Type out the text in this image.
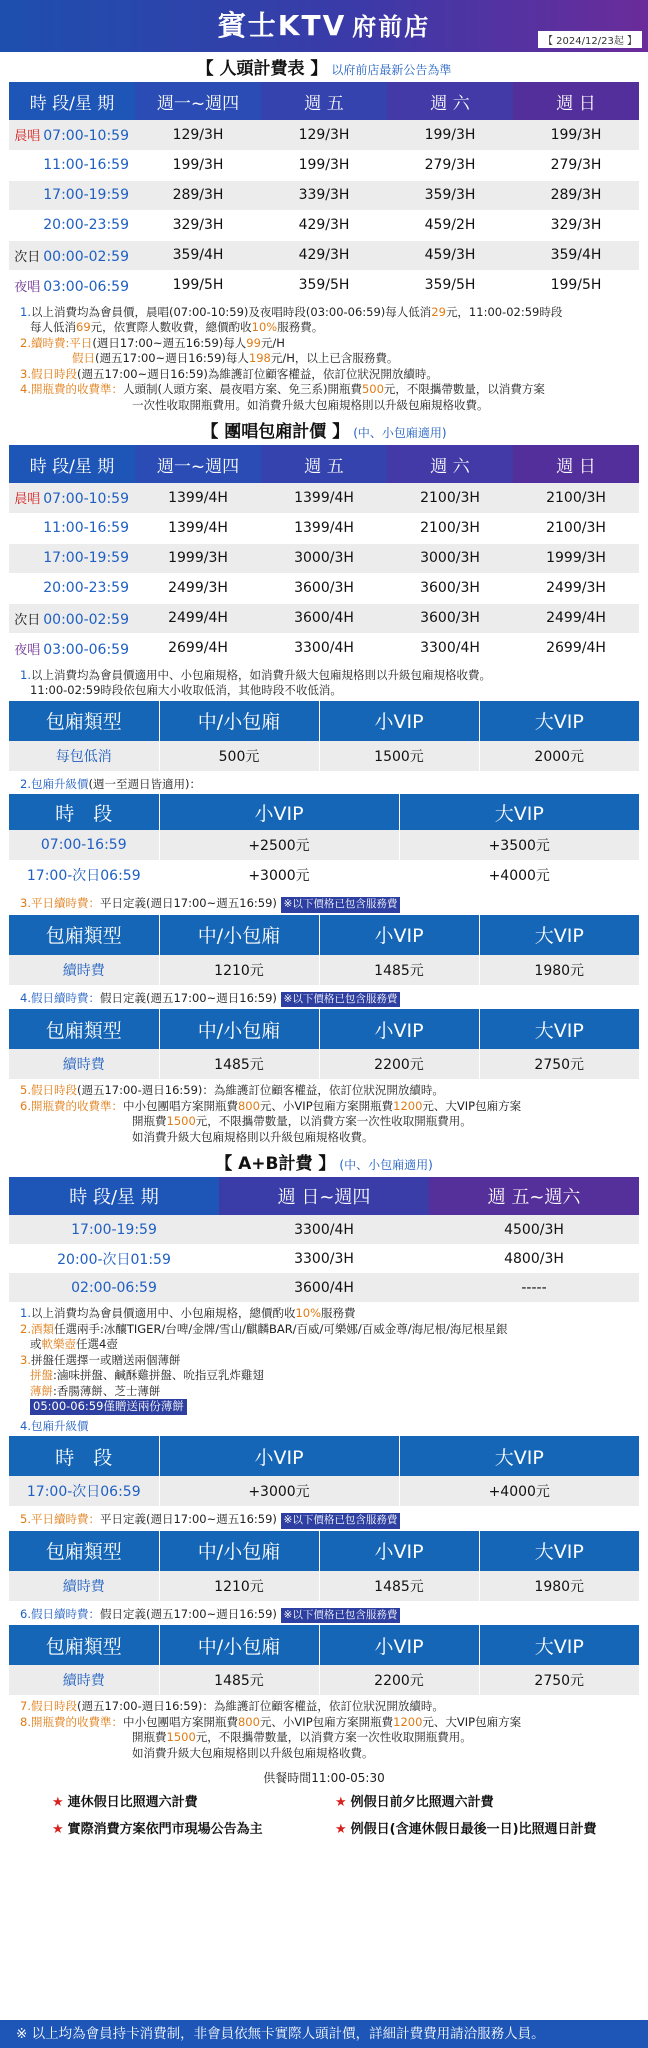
賓士KTV 府前店
【 2024/12/23起 】
【 人頭計費表 】 以府前店最新公告為準
時 段/星 期	週一~週四	週 五	週 六	週 日
晨唱 07:00-10:59	129/3H	129/3H	199/3H	199/3H
11:00-16:59	199/3H	199/3H	279/3H	279/3H
17:00-19:59	289/3H	339/3H	359/3H	289/3H
20:00-23:59	329/3H	429/3H	459/2H	329/3H
次日 00:00-02:59	359/4H	429/3H	459/3H	359/4H
夜唱 03:00-06:59	199/5H	359/5H	359/5H	199/5H

1.以上消費均為會員價，晨唱(07:00-10:59)及夜唱時段(03:00-06:59)每人低消29元，11:00-02:59時段

每人低消69元，依實際人數收費，總價酌收10%服務費。

2.續時費:平日(週日17:00~週五16:59)每人99元/H

假日(週五17:00~週日16:59)每人198元/H，以上已含服務費。

3.假日時段(週五17:00~週日16:59)為維護訂位顧客權益，依訂位狀況開放續時。

4.開瓶費的收費準：人頭制(人頭方案、晨夜唱方案、免三系)開瓶費500元，不限攜帶數量，以消費方案

一次性收取開瓶費用。如消費升級大包廂規格則以升級包廂規格收費。

【 團唱包廂計價 】 (中、小包廂適用)
時 段/星 期	週一~週四	週 五	週 六	週 日
晨唱 07:00-10:59	1399/4H	1399/4H	2100/3H	2100/3H
11:00-16:59	1399/4H	1399/4H	2100/3H	2100/3H
17:00-19:59	1999/3H	3000/3H	3000/3H	1999/3H
20:00-23:59	2499/3H	3600/3H	3600/3H	2499/3H
次日 00:00-02:59	2499/4H	3600/4H	3600/3H	2499/4H
夜唱 03:00-06:59	2699/4H	3300/4H	3300/4H	2699/4H

1.以上消費均為會員價適用中、小包廂規格，如消費升級大包廂規格則以升級包廂規格收費。

11:00-02:59時段依包廂大小收取低消，其他時段不收低消。

包廂類型	中/小包廂	小VIP	大VIP
每包低消	500元	1500元	2000元

2.包廂升級價(週一至週日皆適用)：

時　段	小VIP	大VIP
07:00-16:59	+2500元	+3500元
17:00-次日06:59	+3000元	+4000元

3.平日續時費：平日定義(週日17:00~週五16:59) ※以下價格已包含服務費

包廂類型	中/小包廂	小VIP	大VIP
續時費	1210元	1485元	1980元

4.假日續時費：假日定義(週五17:00~週日16:59) ※以下價格已包含服務費

包廂類型	中/小包廂	小VIP	大VIP
續時費	1485元	2200元	2750元

5.假日時段(週五17:00-週日16:59)：為維護訂位顧客權益，依訂位狀況開放續時。

6.開瓶費的收費準：中小包團唱方案開瓶費800元、小VIP包廂方案開瓶費1200元、大VIP包廂方案

開瓶費1500元，不限攜帶數量，以消費方案一次性收取開瓶費用。

如消費升級大包廂規格則以升級包廂規格收費。

【 A+B計費 】 (中、小包廂適用)
時 段/星 期	週 日~週四	週 五~週六
17:00-19:59	3300/4H	4500/3H
20:00-次日01:59	3300/3H	4800/3H
02:00-06:59	3600/4H	-----

1.以上消費均為會員價適用中、小包廂規格，總價酌收10%服務費

2.酒類任選兩手:冰釀TIGER/台啤/金牌/雪山/麒麟BAR/百威/可樂娜/百威金尊/海尼根/海尼根星銀

或軟樂壺任選4壺

3.拼盤任選擇一或贈送兩個薄餅

拼盤:滷味拼盤、鹹酥雞拼盤、吮指豆乳炸雞翅

薄餅:香腸薄餅、芝士薄餅

05:00-06:59僅贈送兩份薄餅

4.包廂升級價

時　段	小VIP	大VIP
17:00-次日06:59	+3000元	+4000元

5.平日續時費：平日定義(週日17:00~週五16:59) ※以下價格已包含服務費

包廂類型	中/小包廂	小VIP	大VIP
續時費	1210元	1485元	1980元

6.假日續時費：假日定義(週五17:00~週日16:59) ※以下價格已包含服務費

包廂類型	中/小包廂	小VIP	大VIP
續時費	1485元	2200元	2750元

7.假日時段(週五17:00-週日16:59)：為維護訂位顧客權益，依訂位狀況開放續時。

8.開瓶費的收費準：中小包團唱方案開瓶費800元、小VIP包廂方案開瓶費1200元、大VIP包廂方案

開瓶費1500元，不限攜帶數量，以消費方案一次性收取開瓶費用。

如消費升級大包廂規格則以升級包廂規格收費。

供餐時間11:00-05:30
★ 連休假日比照週六計費	★ 例假日前夕比照週六計費
★ 實際消費方案依門市現場公告為主	★ 例假日(含連休假日最後一日)比照週日計費
※ 以上均為會員持卡消費制，非會員依無卡實際人頭計價，詳細計費費用請洽服務人員。
